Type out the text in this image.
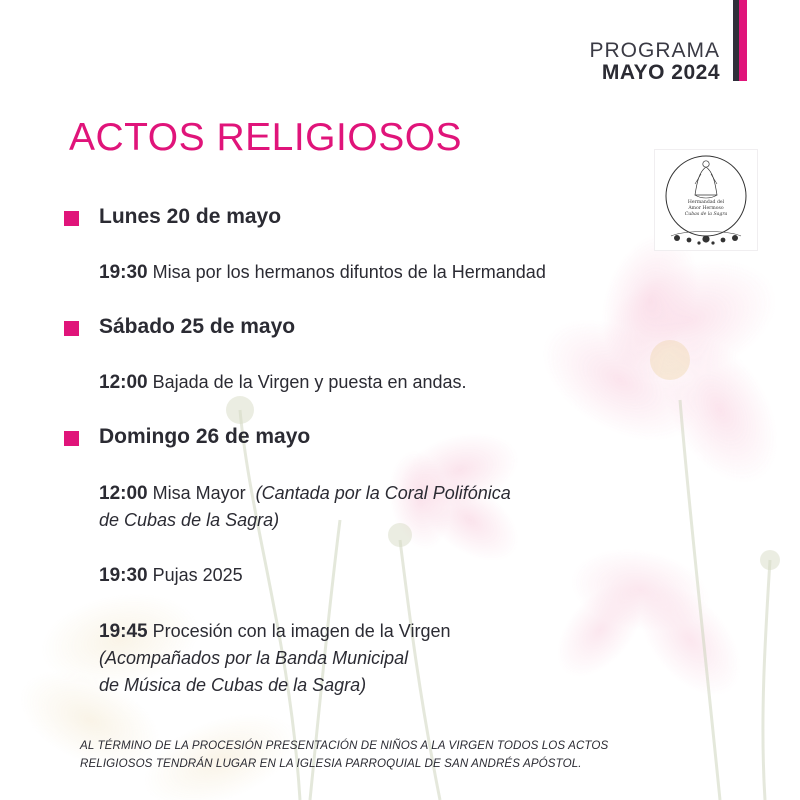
PROGRAMA
MAYO 2024
ACTOS RELIGIOSOS
Hermandad del
Amor Hermoso
Cubas de la Sagra
Lunes 20 de mayo
19:30 Misa por los hermanos difuntos de la Hermandad
Sábado 25 de mayo
12:00 Bajada de la Virgen y puesta en andas.
Domingo 26 de mayo
12:00 Misa Mayor (Cantada por la Coral Polifónica
de Cubas de la Sagra)
19:30 Pujas 2025
19:45 Procesión con la imagen de la Virgen
(Acompañados por la Banda Municipal
de Música de Cubas de la Sagra)
AL TÉRMINO DE LA PROCESIÓN PRESENTACIÓN DE NIÑOS A LA VIRGEN TODOS LOS ACTOS
RELIGIOSOS TENDRÁN LUGAR EN LA IGLESIA PARROQUIAL DE SAN ANDRÉS APÓSTOL.
